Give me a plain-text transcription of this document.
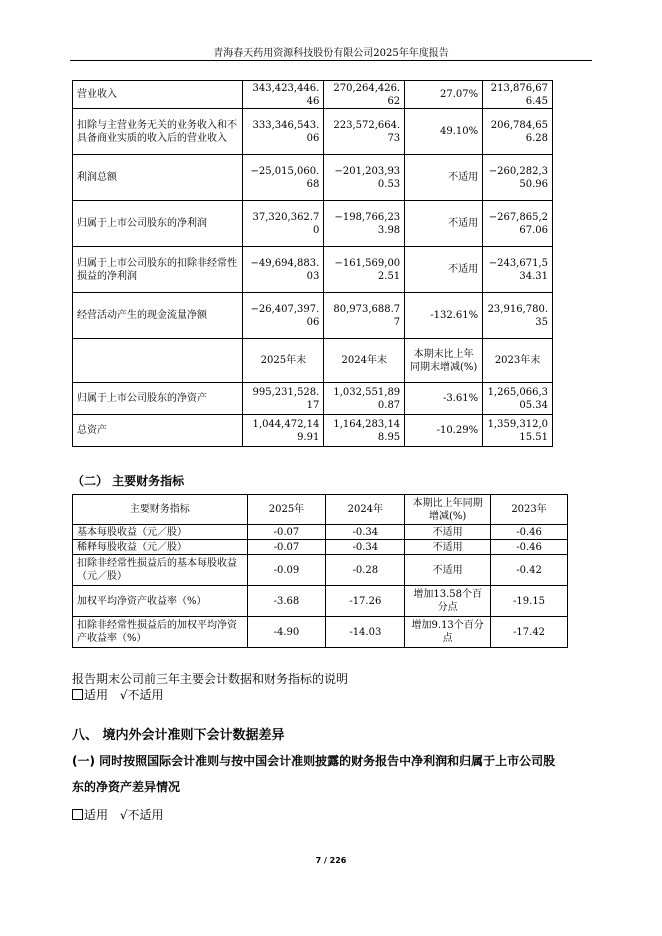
青海春天药用资源科技股份有限公司2025年年度报告
营业收入	343,423,446.46	270,264,426.62	27.07%	213,876,676.45
扣除与主营业务无关的业务收入和不具备商业实质的收入后的营业收入	333,346,543.06	223,572,664.73	49.10%	206,784,656.28
利润总额	−25,015,060.68	−201,203,930.53	不适用	−260,282,350.96
归属于上市公司股东的净利润	37,320,362.70	−198,766,233.98	不适用	−267,865,267.06
归属于上市公司股东的扣除非经常性损益的净利润	−49,694,883.03	−161,569,002.51	不适用	−243,671,534.31
经营活动产生的现金流量净额	−26,407,397.06	80,973,688.77	-132.61%	23,916,780.35
	2025年末	2024年末	本期末比上年同期末增减(%)	2023年末
归属于上市公司股东的净资产	995,231,528.17	1,032,551,890.87	-3.61%	1,265,066,305.34
总资产	1,044,472,149.91	1,164,283,148.95	-10.29%	1,359,312,015.51
（二） 主要财务指标
主要财务指标	2025年	2024年	本期比上年同期增减(%)	2023年
基本每股收益（元／股）	-0.07	-0.34	不适用	-0.46
稀释每股收益（元／股）	-0.07	-0.34	不适用	-0.46
扣除非经常性损益后的基本每股收益（元／股）	-0.09	-0.28	不适用	-0.42
加权平均净资产收益率（%）	-3.68	-17.26	增加13.58个百分点	-19.15
扣除非经常性损益后的加权平均净资产收益率（%）	-4.90	-14.03	增加9.13个百分点	-17.42
报告期末公司前三年主要会计数据和财务指标的说明
适用 √不适用
八、 境内外会计准则下会计数据差异
(一) 同时按照国际会计准则与按中国会计准则披露的财务报告中净利润和归属于上市公司股东的净资产差异情况
适用 √不适用
7 / 226
